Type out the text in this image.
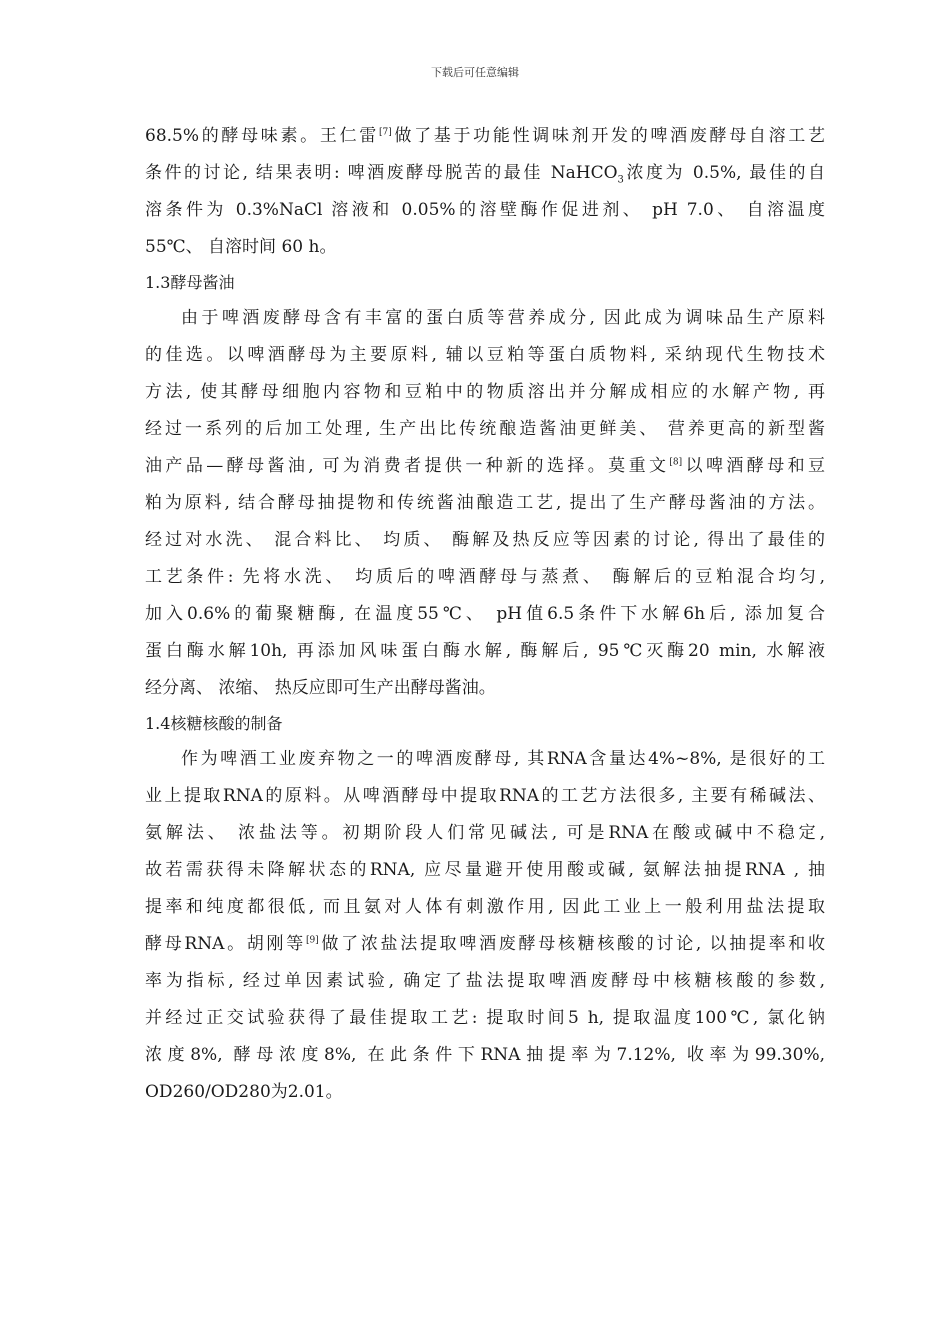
下载后可任意编辑
68.5%的酵母味素。王仁雷[7]做了基于功能性调味剂开发的啤酒废酵母自溶工艺
条件的讨论, 结果表明: 啤酒废酵母脱苦的最佳 NaHCO$_3$浓度为 0.5%, 最佳的自
溶条件为 0.3%NaCl 溶液和 0.05%的溶壁酶作促进剂、 pH 7.0、 自溶温度
55℃、 自溶时间 60 h。
1.3酵母酱油
由于啤酒废酵母含有丰富的蛋白质等营养成分, 因此成为调味品生产原料
的佳选。以啤酒酵母为主要原料, 辅以豆粕等蛋白质物料, 采纳现代生物技术
方法, 使其酵母细胞内容物和豆粕中的物质溶出并分解成相应的水解产物, 再
经过一系列的后加工处理, 生产出比传统酿造酱油更鲜美、 营养更高的新型酱
油产品—酵母酱油, 可为消费者提供一种新的选择。莫重文[8]以啤酒酵母和豆
粕为原料, 结合酵母抽提物和传统酱油酿造工艺, 提出了生产酵母酱油的方法。
经过对水洗、 混合料比、 均质、 酶解及热反应等因素的讨论, 得出了最佳的
工艺条件: 先将水洗、 均质后的啤酒酵母与蒸煮、 酶解后的豆粕混合均匀,
加入0.6%的葡聚糖酶, 在温度55℃、 pH值6.5条件下水解6h后, 添加复合
蛋白酶水解10h, 再添加风味蛋白酶水解, 酶解后, 95℃灭酶20 min, 水解液
经分离、 浓缩、 热反应即可生产出酵母酱油。
1.4核糖核酸的制备
作为啤酒工业废弃物之一的啤酒废酵母, 其RNA含量达4%~8%, 是很好的工
业上提取RNA的原料。从啤酒酵母中提取RNA的工艺方法很多, 主要有稀碱法、
氨解法、 浓盐法等。初期阶段人们常见碱法, 可是RNA在酸或碱中不稳定,
故若需获得未降解状态的RNA, 应尽量避开使用酸或碱, 氨解法抽提RNA , 抽
提率和纯度都很低, 而且氨对人体有刺激作用, 因此工业上一般利用盐法提取
酵母RNA。胡刚等[9]做了浓盐法提取啤酒废酵母核糖核酸的讨论, 以抽提率和收
率为指标, 经过单因素试验, 确定了盐法提取啤酒废酵母中核糖核酸的参数,
并经过正交试验获得了最佳提取工艺: 提取时间5 h, 提取温度100℃, 氯化钠
浓度8%, 酵母浓度8%, 在此条件下RNA抽提率为7.12%, 收率为99.30%,
OD260/OD280为2.01。
